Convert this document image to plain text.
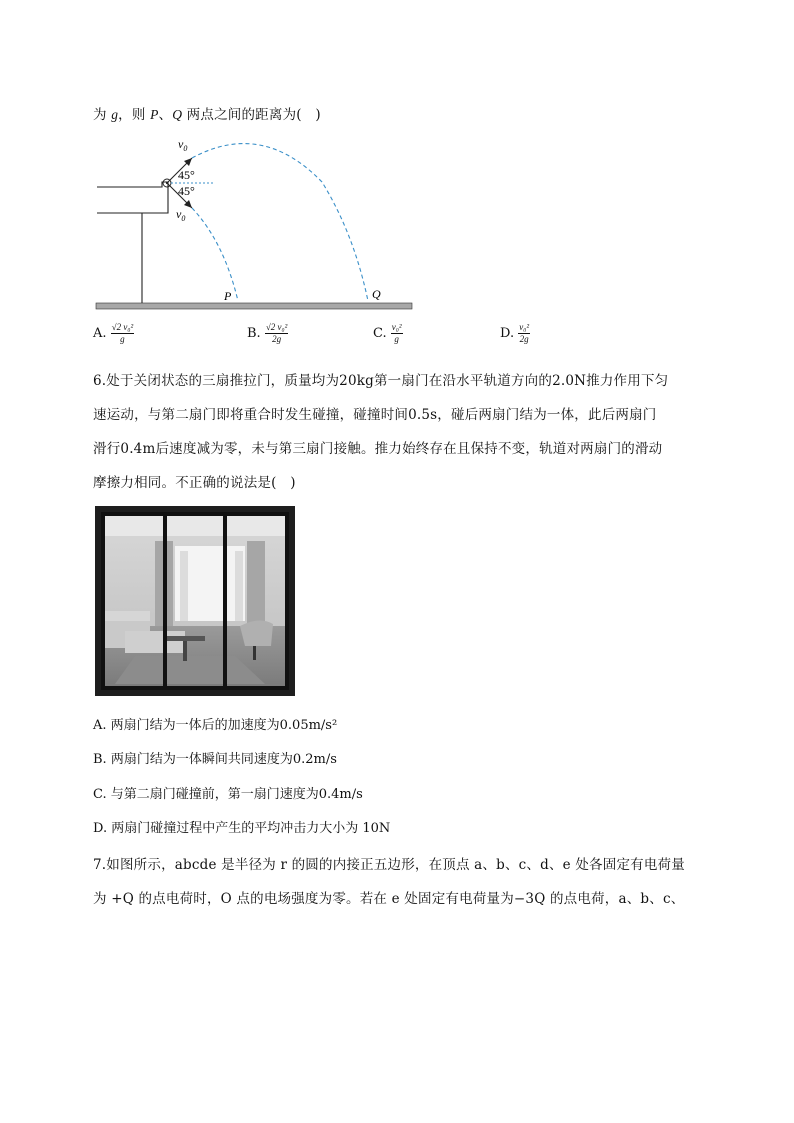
为 g，则 P、Q 两点之间的距离为(　)
$v_0$
$v_0$
45°
45°
P	Q
A. $\frac{\text{√2 v₀²}}{g}$	B. $\frac{\text{√2 v₀²}}{2g}$	C. $\frac{\text{v₀²}}{g}$	D. $\frac{\text{v₀²}}{2g}$
6.处于关闭状态的三扇推拉门，质量均为20kg第一扇门在沿水平轨道方向的2.0N推力作用下匀
速运动，与第二扇门即将重合时发生碰撞，碰撞时间0.5s，碰后两扇门结为一体，此后两扇门
滑行0.4m后速度减为零，未与第三扇门接触。推力始终存在且保持不变，轨道对两扇门的滑动
摩擦力相同。不正确的说法是(　)
A. 两扇门结为一体后的加速度为0.05m/s²
B. 两扇门结为一体瞬间共同速度为0.2m/s
C. 与第二扇门碰撞前，第一扇门速度为0.4m/s
D. 两扇门碰撞过程中产生的平均冲击力大小为 10N
7.如图所示，abcde 是半径为 r 的圆的内接正五边形，在顶点 a、b、c、d、e 处各固定有电荷量
为 +Q 的点电荷时，O 点的电场强度为零。若在 e 处固定有电荷量为−3Q 的点电荷，a、b、c、
